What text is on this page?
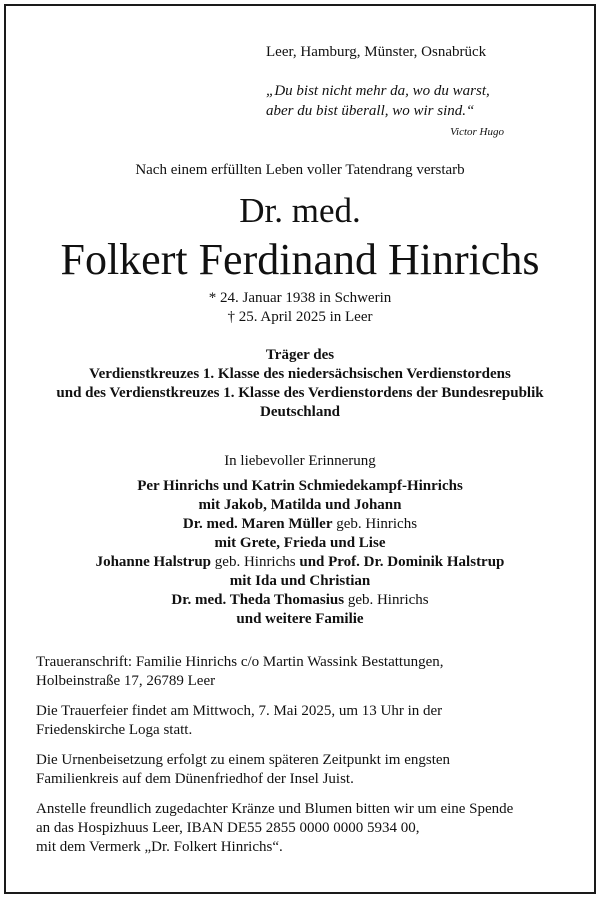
Leer, Hamburg, Münster, Osnabrück
„Du bist nicht mehr da, wo du warst,
aber du bist überall, wo wir sind.“
Victor Hugo
Nach einem erfüllten Leben voller Tatendrang verstarb
Dr. med.
Folkert Ferdinand Hinrichs
* 24. Januar 1938 in Schwerin
† 25. April 2025 in Leer
Träger des
Verdienstkreuzes 1. Klasse des niedersächsischen Verdienstordens
und des Verdienstkreuzes 1. Klasse des Verdienstordens der Bundesrepublik
Deutschland
In liebevoller Erinnerung
Per Hinrichs und Katrin Schmiedekampf-Hinrichs
mit Jakob, Matilda und Johann
Dr. med. Maren Müller geb. Hinrichs
mit Grete, Frieda und Lise
Johanne Halstrup geb. Hinrichs und Prof. Dr. Dominik Halstrup
mit Ida und Christian
Dr. med. Theda Thomasius geb. Hinrichs
und weitere Familie
Traueranschrift: Familie Hinrichs c/o Martin Wassink Bestattungen,
Holbeinstraße 17, 26789 Leer
Die Trauerfeier findet am Mittwoch, 7. Mai 2025, um 13 Uhr in der
Friedenskirche Loga statt.
Die Urnenbeisetzung erfolgt zu einem späteren Zeitpunkt im engsten
Familienkreis auf dem Dünenfriedhof der Insel Juist.
Anstelle freundlich zugedachter Kränze und Blumen bitten wir um eine Spende
an das Hospizhuus Leer, IBAN DE55 2855 0000 0000 5934 00,
mit dem Vermerk „Dr. Folkert Hinrichs“.
